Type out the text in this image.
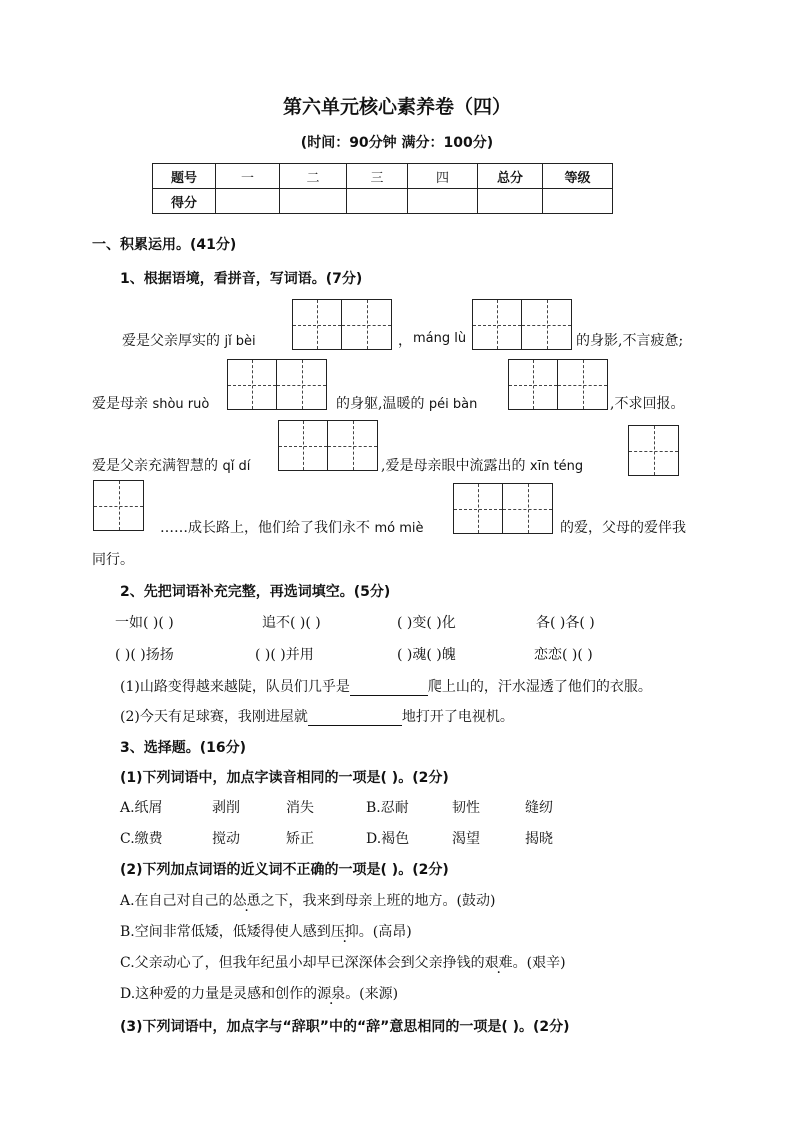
第六单元核心素养卷（四）
(时间：90分钟 满分：100分)
题号	一	二	三	四	总分	等级
得分						
一、积累运用。(41分)
1、根据语境，看拼音，写词语。(7分)
爱是父亲厚实的 jǐ bèi	， máng lù	的身影,不言疲惫;
爱是母亲 shòu ruò	的身躯,温暖的 péi bàn	,不求回报。
爱是父亲充满智慧的 qǐ dí	,爱是母亲眼中流露出的 xīn téng
……成长路上，他们给了我们永不 mó miè	的爱，父母的爱伴我
同行。
2、先把词语补充完整，再选词填空。(5分)
一如( )( )	追不( )( )	( )变( )化	各( )各( )
( )( )扬扬	( )( )并用	( )魂( )魄	恋恋( )( )
(1)山路变得越来越陡，队员们几乎是	爬上山的，汗水湿透了他们的衣服。
(2)今天有足球赛，我刚进屋就	地打开了电视机。
3、选择题。(16分)
(1)下列词语中，加点字读音相同的一项是( )。(2分)
A.纸屑	剥削	消失	B.忍耐	韧性	缝纫
C.缴费	搅动	矫正	D.褐色	渴望	揭晓
(2)下列加点词语的近义词不正确的一项是( )。(2分)
A.在自己对自己的怂恿之下，我来到母亲上班的地方。(鼓动)
B.空间非常低矮，低矮得使人感到压抑。(高昂)
C.父亲动心了，但我年纪虽小却早已深深体会到父亲挣钱的艰难。(艰辛)
D.这种爱的力量是灵感和创作的源泉。(来源)
(3)下列词语中，加点字与“辞职”中的“辞”意思相同的一项是( )。(2分)
